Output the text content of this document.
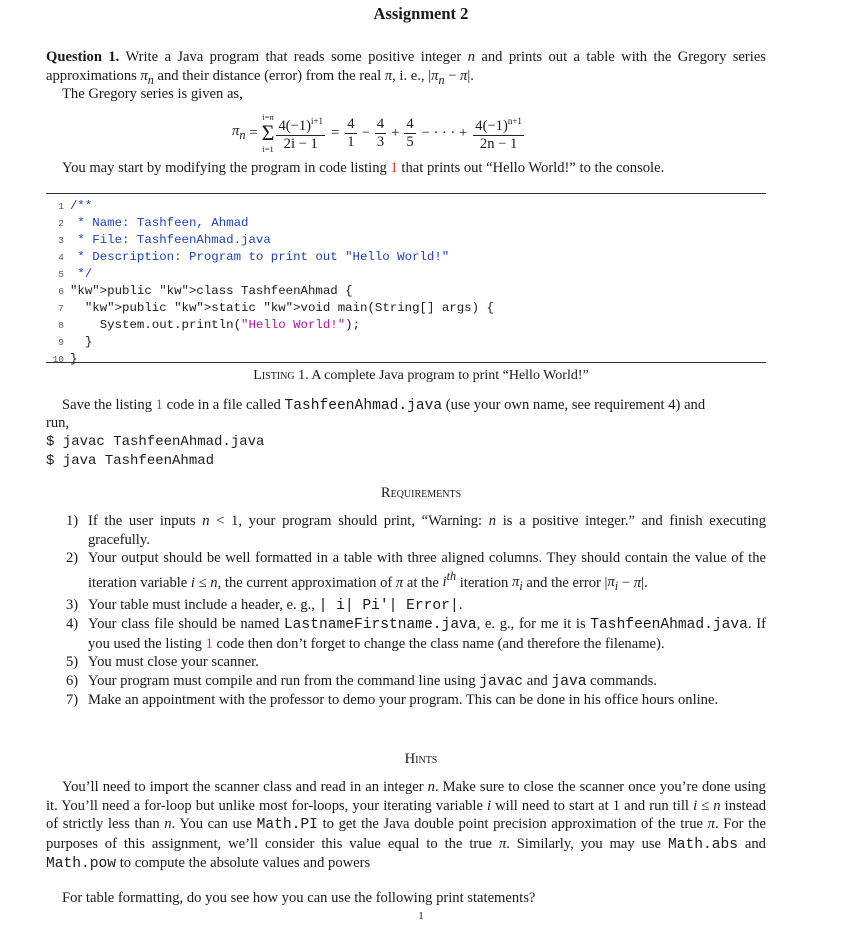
Assignment 2
Question 1. Write a Java program that reads some positive integer n and prints out a table with the Gregory series approximations $\pi_n$ and their distance (error) from the real π, i. e., $|\pi_n - \pi|$.
The Gregory series is given as,
$\pi_n$ =
i=n
Σ
$i=1 \frac{4(-1)^{i+1}}{2i - 1} = \frac{4}{1} - \frac{4}{3} + \frac{4}{5}$ − · · · + $\frac{4(-1)^{n+1}}{2n - 1}$
You may start by modifying the program in code listing 1 that prints out “Hello World!” to the console.
1 /**
2 * Name: Tashfeen, Ahmad
3 * File: TashfeenAhmad.java
4 * Description: Program to print out "Hello World!"
5 */
6 "kw">public "kw">class TashfeenAhmad {
7 "kw">public "kw">static "kw">void main(String[] args) {
8    System.out.println("Hello World!");
9  }
10 }
Listing 1. A complete Java program to print “Hello World!”
Save the listing 1 code in a file called TashfeenAhmad.java (use your own name, see requirement 4) and
run,
$ javac TashfeenAhmad.java
$ java TashfeenAhmad
Requirements
1) If the user inputs n < 1, your program should print, “Warning: n is a positive integer.” and finish executing gracefully.
2) Your output should be well formatted in a table with three aligned columns. They should contain the value of the iteration variable i ≤ n, the current approximation of π at the $i^{th}$ iteration $\pi_i$ and the error $|\pi_i - \pi|$.
3) Your table must include a header, e. g., | i| Pi'| Error|.
4) Your class file should be named LastnameFirstname.java, e. g., for me it is TashfeenAhmad.java. If you used the listing 1 code then don’t forget to change the class name (and therefore the filename).
5) You must close your scanner.
6) Your program must compile and run from the command line using javac and java commands.
7) Make an appointment with the professor to demo your program. This can be done in his office hours online.
Hints
You’ll need to import the scanner class and read in an integer n. Make sure to close the scanner once you’re done using it. You’ll need a for-loop but unlike most for-loops, your iterating variable i will need to start at 1 and run till i ≤ n instead of strictly less than n. You can use Math.PI to get the Java double point precision approximation of the true π. For the purposes of this assignment, we’ll consider this value equal to the true π. Similarly, you may use Math.abs and Math.pow to compute the absolute values and powers
For table formatting, do you see how you can use the following print statements?
1
